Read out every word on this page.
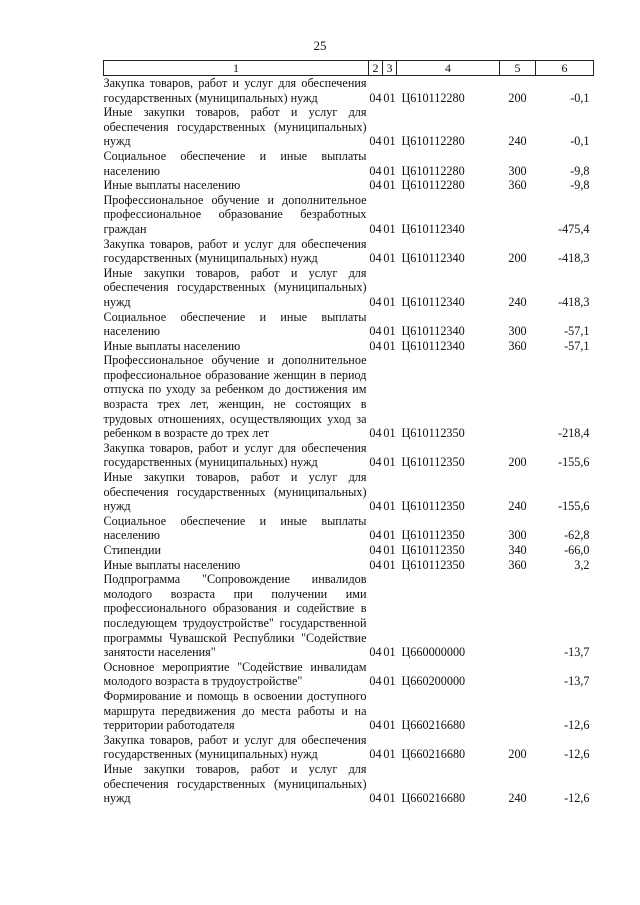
25
1	2	3	4	5	6
Закупка товаров, работ и услуг для обеспечения государственных (муниципальных) нужд	04	01	Ц610112280	200	-0,1
Иные закупки товаров, работ и услуг для обеспечения государственных (муниципальных) нужд	04	01	Ц610112280	240	-0,1
Социальное обеспечение и иные выплаты населению	04	01	Ц610112280	300	-9,8
Иные выплаты населению	04	01	Ц610112280	360	-9,8
Профессиональное обучение и дополнительное профессиональное образование безработных граждан	04	01	Ц610112340		-475,4
Закупка товаров, работ и услуг для обеспечения государственных (муниципальных) нужд	04	01	Ц610112340	200	-418,3
Иные закупки товаров, работ и услуг для обеспечения государственных (муниципальных) нужд	04	01	Ц610112340	240	-418,3
Социальное обеспечение и иные выплаты населению	04	01	Ц610112340	300	-57,1
Иные выплаты населению	04	01	Ц610112340	360	-57,1
Профессиональное обучение и дополнительное профессиональное образование женщин в период отпуска по уходу за ребенком до достижения им возраста трех лет, женщин, не состоящих в трудовых отношениях, осуществляющих уход за ребенком в возрасте до трех лет	04	01	Ц610112350		-218,4
Закупка товаров, работ и услуг для обеспечения государственных (муниципальных) нужд	04	01	Ц610112350	200	-155,6
Иные закупки товаров, работ и услуг для обеспечения государственных (муниципальных) нужд	04	01	Ц610112350	240	-155,6
Социальное обеспечение и иные выплаты населению	04	01	Ц610112350	300	-62,8
Стипендии	04	01	Ц610112350	340	-66,0
Иные выплаты населению	04	01	Ц610112350	360	3,2
Подпрограмма "Сопровождение инвалидов молодого возраста при получении ими профессионального образования и содействие в последующем трудоустройстве" государственной программы Чувашской Республики "Содействие занятости населения"	04	01	Ц660000000		-13,7
Основное мероприятие "Содействие инвалидам молодого возраста в трудоустройстве"	04	01	Ц660200000		-13,7
Формирование и помощь в освоении доступного маршрута передвижения до места работы и на территории работодателя	04	01	Ц660216680		-12,6
Закупка товаров, работ и услуг для обеспечения государственных (муниципальных) нужд	04	01	Ц660216680	200	-12,6
Иные закупки товаров, работ и услуг для обеспечения государственных (муниципальных) нужд	04	01	Ц660216680	240	-12,6
